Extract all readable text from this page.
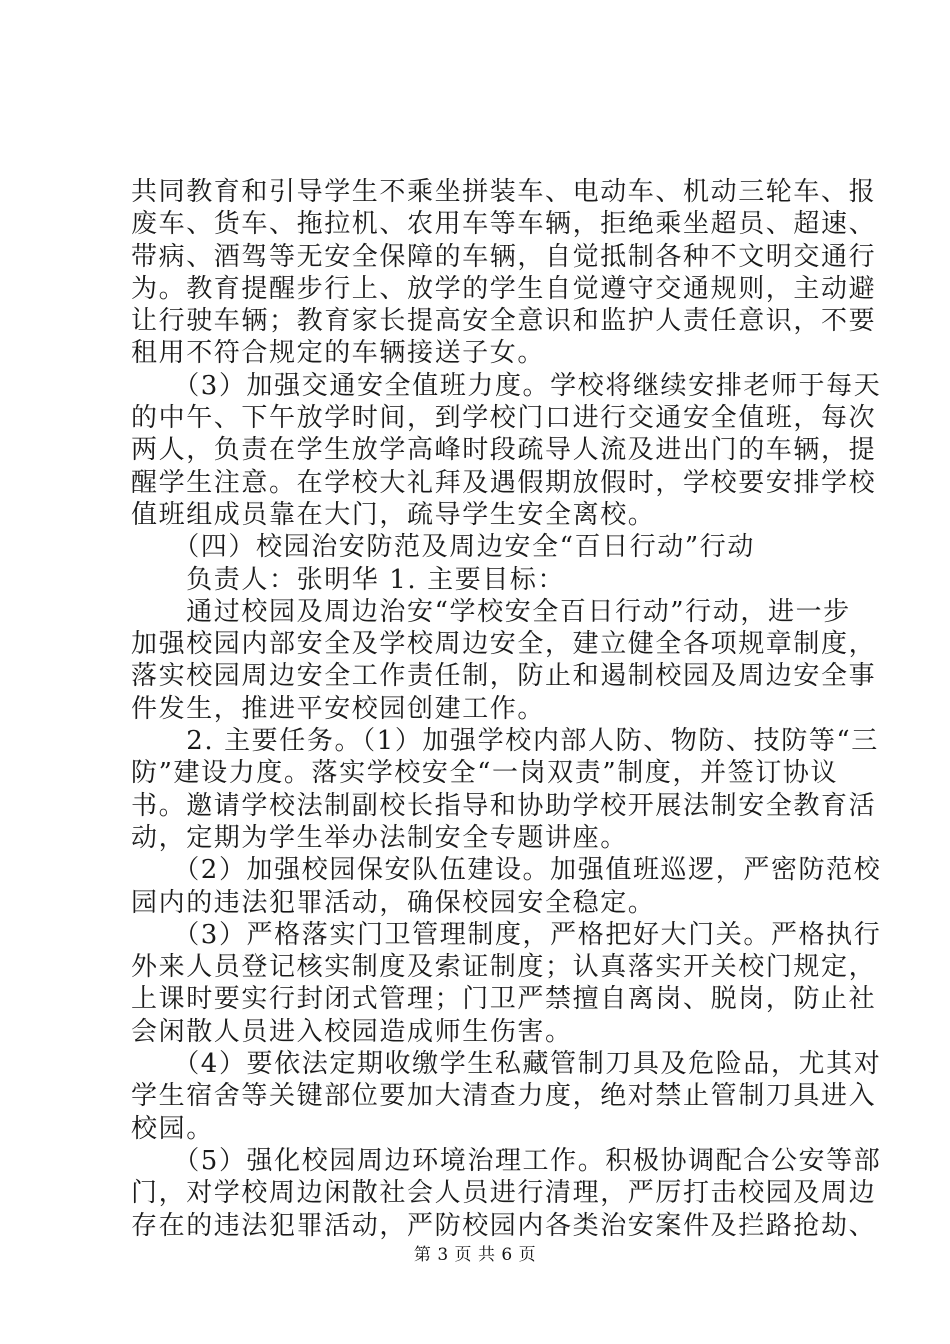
共同教育和引导学生不乘坐拼装车、电动车、机动三轮车、报
废车、货车、拖拉机、农用车等车辆，拒绝乘坐超员、超速、
带病、酒驾等无安全保障的车辆，自觉抵制各种不文明交通行
为。教育提醒步行上、放学的学生自觉遵守交通规则，主动避
让行驶车辆；教育家长提高安全意识和监护人责任意识，不要
租用不符合规定的车辆接送子女。
　　（3）加强交通安全值班力度。学校将继续安排老师于每天
的中午、下午放学时间，到学校门口进行交通安全值班，每次
两人，负责在学生放学高峰时段疏导人流及进出门的车辆，提
醒学生注意。在学校大礼拜及遇假期放假时，学校要安排学校
值班组成员靠在大门，疏导学生安全离校。
　　（四）校园治安防范及周边安全“百日行动”行动
　　负责人：张明华 1. 主要目标：
　　通过校园及周边治安“学校安全百日行动”行动，进一步
加强校园内部安全及学校周边安全，建立健全各项规章制度，
落实校园周边安全工作责任制，防止和遏制校园及周边安全事
件发生，推进平安校园创建工作。
　　2. 主要任务。（1）加强学校内部人防、物防、技防等“三
防”建设力度。落实学校安全“一岗双责”制度，并签订协议
书。邀请学校法制副校长指导和协助学校开展法制安全教育活
动，定期为学生举办法制安全专题讲座。
　　（2）加强校园保安队伍建设。加强值班巡逻，严密防范校
园内的违法犯罪活动，确保校园安全稳定。
　　（3）严格落实门卫管理制度，严格把好大门关。严格执行
外来人员登记核实制度及索证制度；认真落实开关校门规定，
上课时要实行封闭式管理；门卫严禁擅自离岗、脱岗，防止社
会闲散人员进入校园造成师生伤害。
　　（4）要依法定期收缴学生私藏管制刀具及危险品，尤其对
学生宿舍等关键部位要加大清查力度，绝对禁止管制刀具进入
校园。
　　（5）强化校园周边环境治理工作。积极协调配合公安等部
门，对学校周边闲散社会人员进行清理，严厉打击校园及周边
存在的违法犯罪活动，严防校园内各类治安案件及拦路抢劫、
第 3 页 共 6 页
